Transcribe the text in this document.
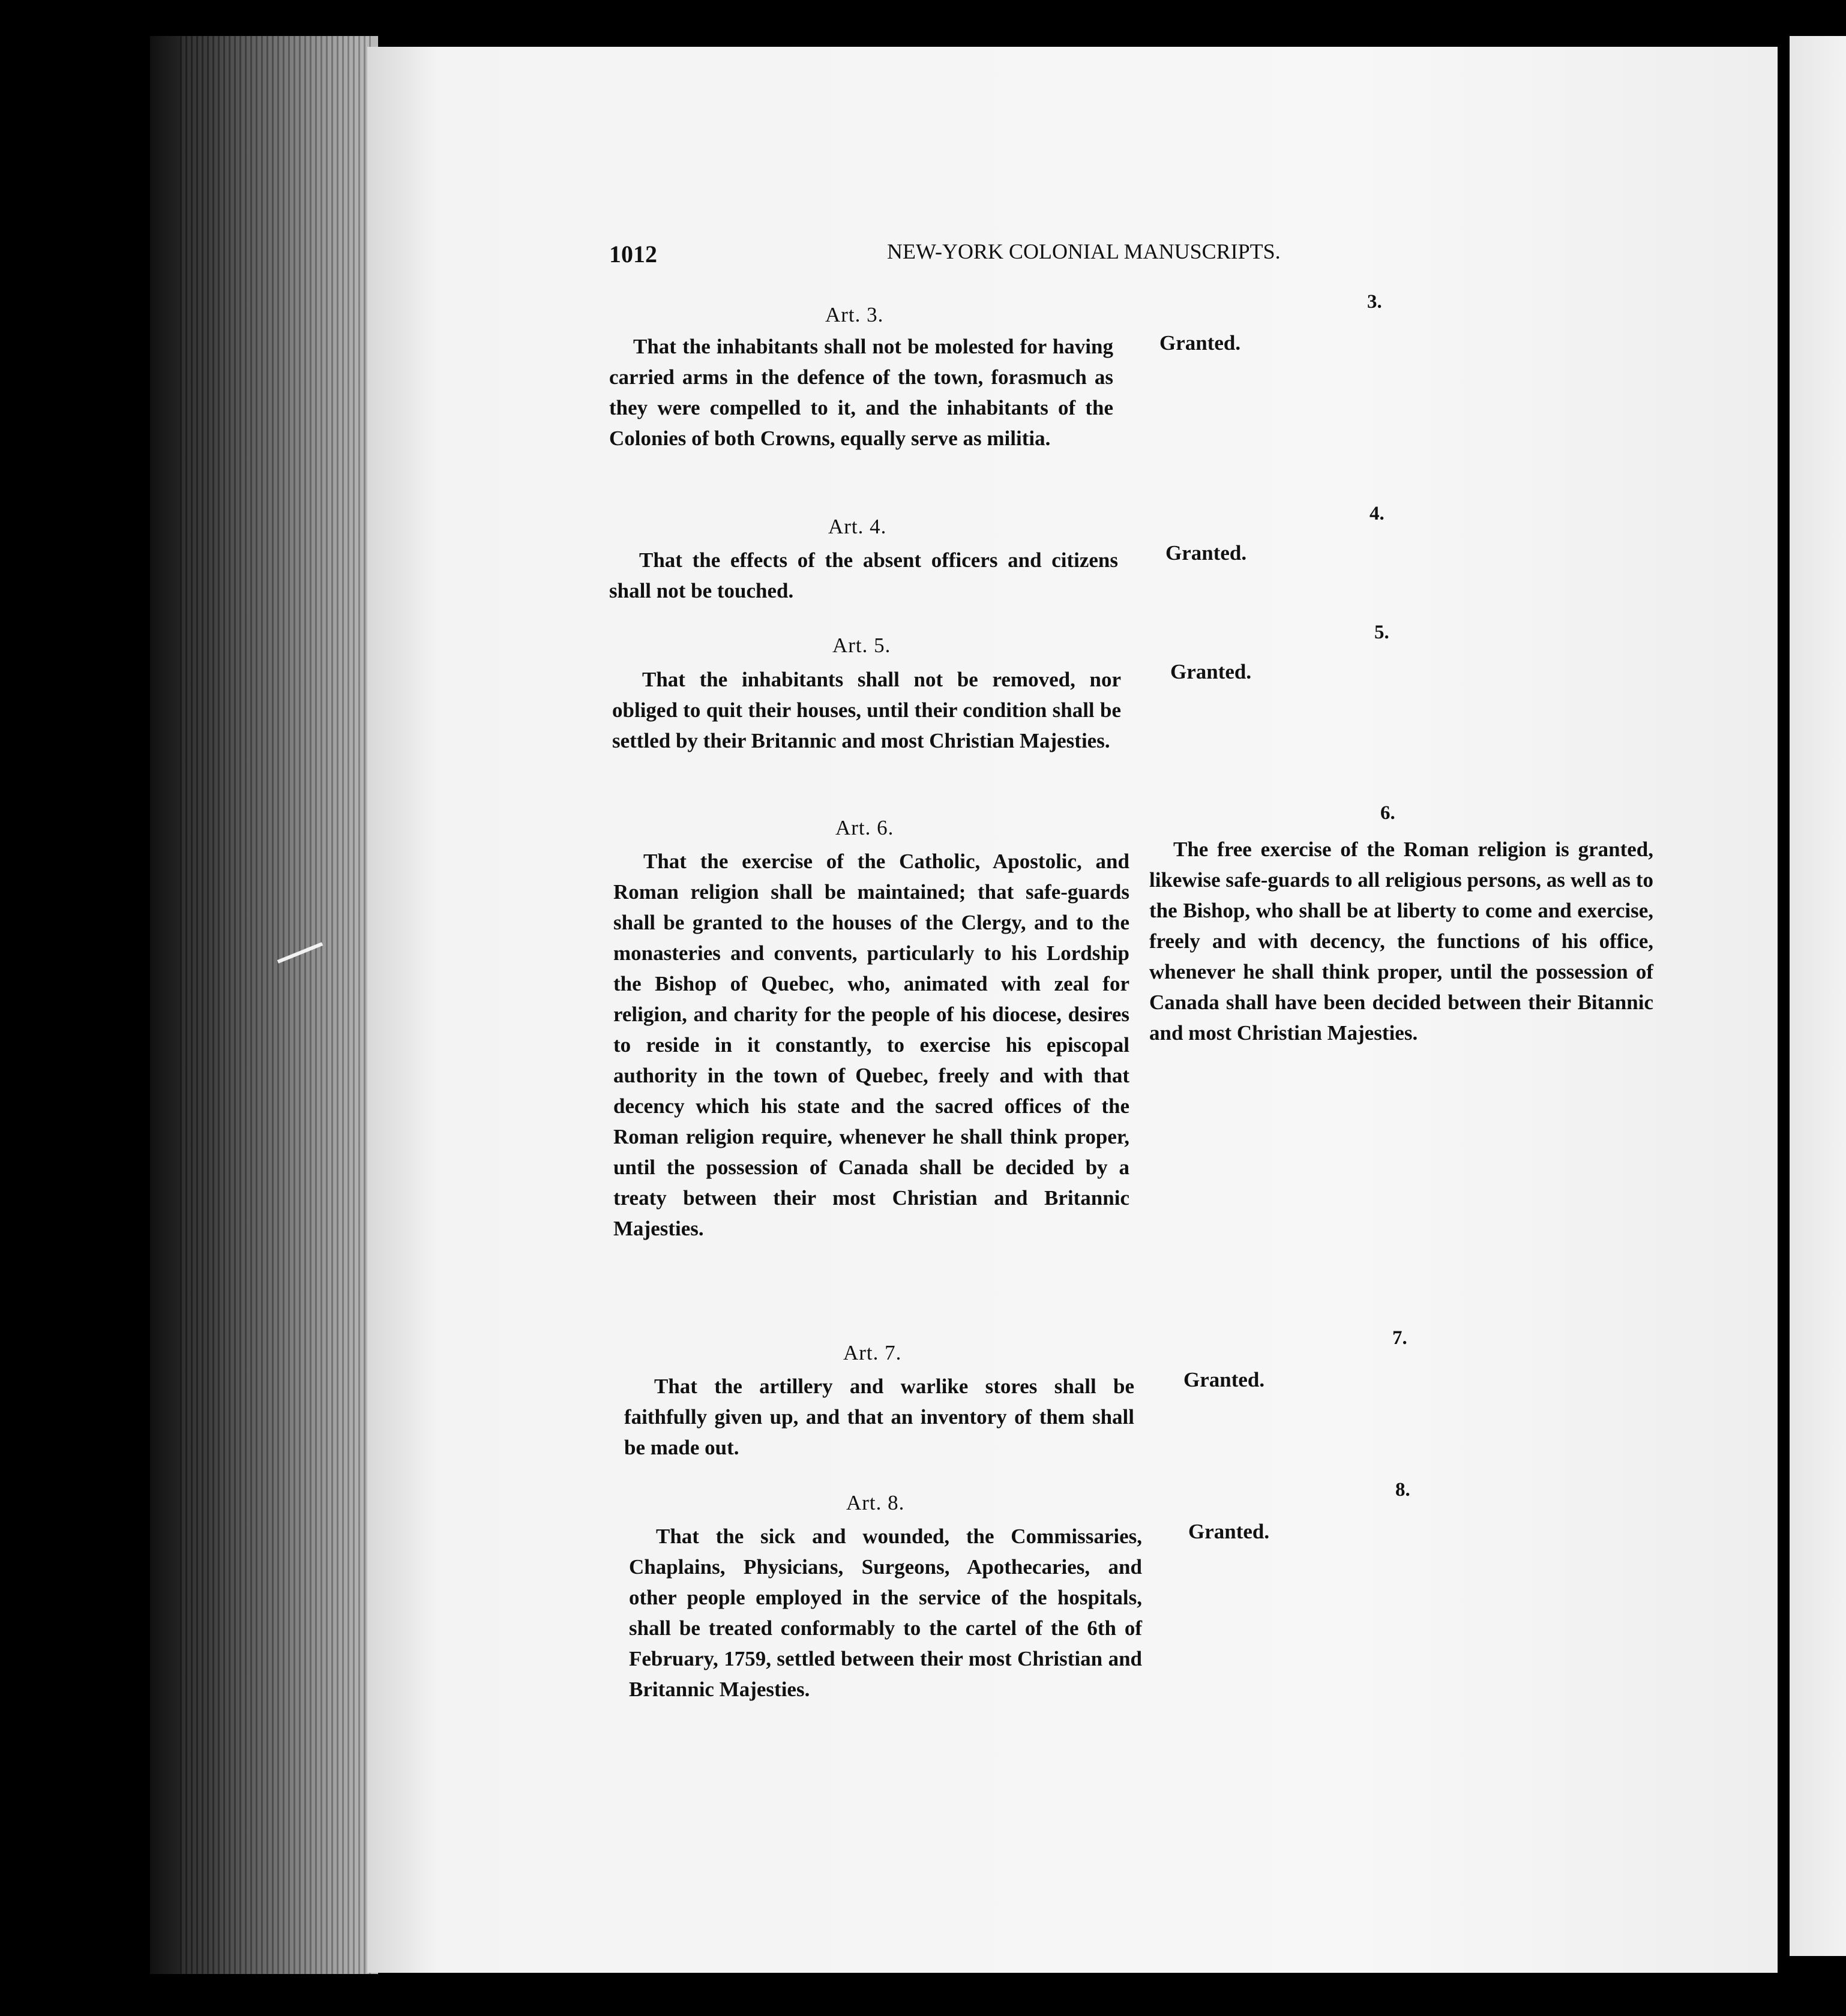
1012	NEW-YORK COLONIAL MANUSCRIPTS.
Art. 3.
3.

That the inhabitants shall not be molested for having carried arms in the defence of the town, forasmuch as they were compelled to it, and the inhabitants of the Colonies of both Crowns, equally serve as militia.

Granted.
Art. 4.
4.

That the effects of the absent officers and citizens shall not be touched.

Granted.
Art. 5.
5.

That the inhabitants shall not be removed, nor obliged to quit their houses, until their condition shall be settled by their Britannic and most Christian Majesties.

Granted.
Art. 6.
6.

That the exercise of the Catholic, Apostolic, and Roman religion shall be maintained; that safe-guards shall be granted to the houses of the Clergy, and to the monasteries and convents, particularly to his Lordship the Bishop of Quebec, who, animated with zeal for religion, and charity for the people of his diocese, desires to reside in it constantly, to exercise his episcopal authority in the town of Quebec, freely and with that decency which his state and the sacred offices of the Roman religion require, whenever he shall think proper, until the possession of Canada shall be decided by a treaty between their most Christian and Britannic Majesties.

The free exercise of the Roman religion is granted, likewise safe-guards to all religious persons, as well as to the Bishop, who shall be at liberty to come and exercise, freely and with decency, the functions of his office, whenever he shall think proper, until the possession of Canada shall have been decided between their Bitannic and most Christian Majesties.

Art. 7.
7.

That the artillery and warlike stores shall be faithfully given up, and that an inventory of them shall be made out.

Granted.
Art. 8.
8.

That the sick and wounded, the Commissaries, Chaplains, Physicians, Surgeons, Apothecaries, and other people employed in the service of the hospitals, shall be treated conformably to the cartel of the 6th of February, 1759, settled between their most Christian and Britannic Majesties.

Granted.
